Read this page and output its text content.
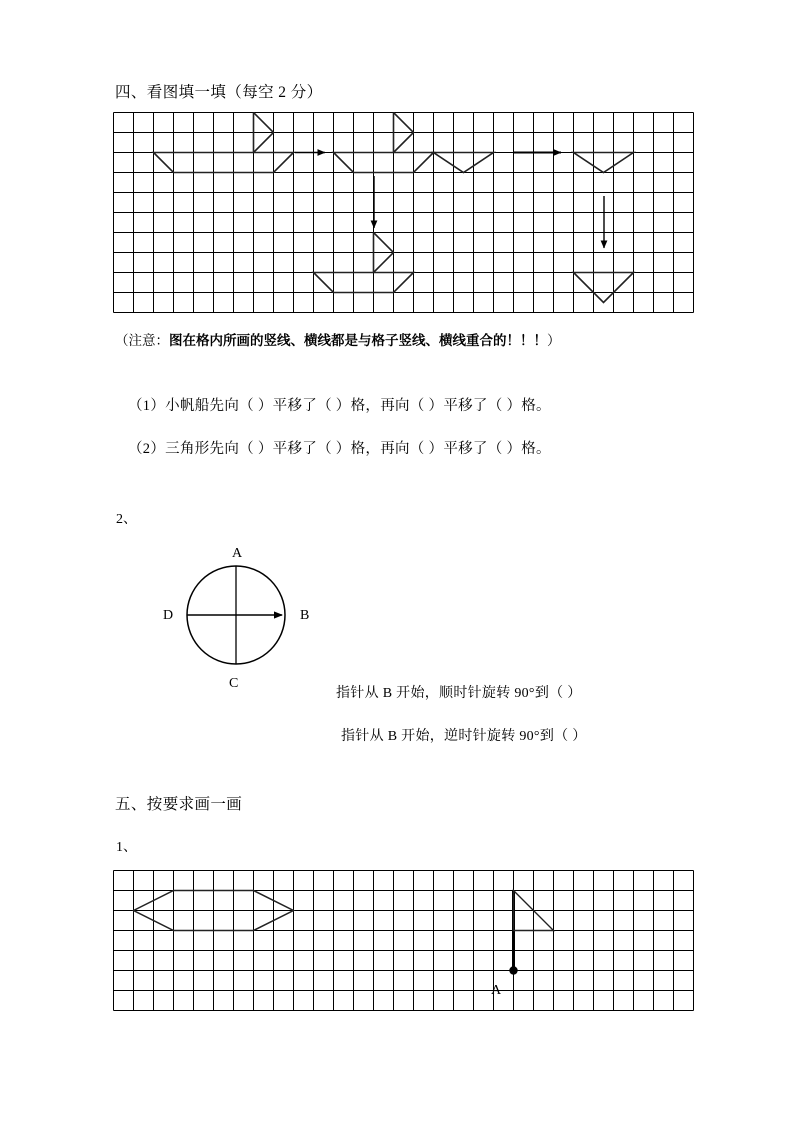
四、看图填一填（每空 2 分）
（注意：图在格内所画的竖线、横线都是与格子竖线、横线重合的！！！）
（1）小帆船先向（ ）平移了（ ）格，再向（ ）平移了（ ）格。
（2）三角形先向（ ）平移了（ ）格，再向（ ）平移了（ ）格。
2、
A
B
C
D
指针从 B 开始，顺时针旋转 90°到（ ）
指针从 B 开始，逆时针旋转 90°到（ ）
五、按要求画一画
1、
A
